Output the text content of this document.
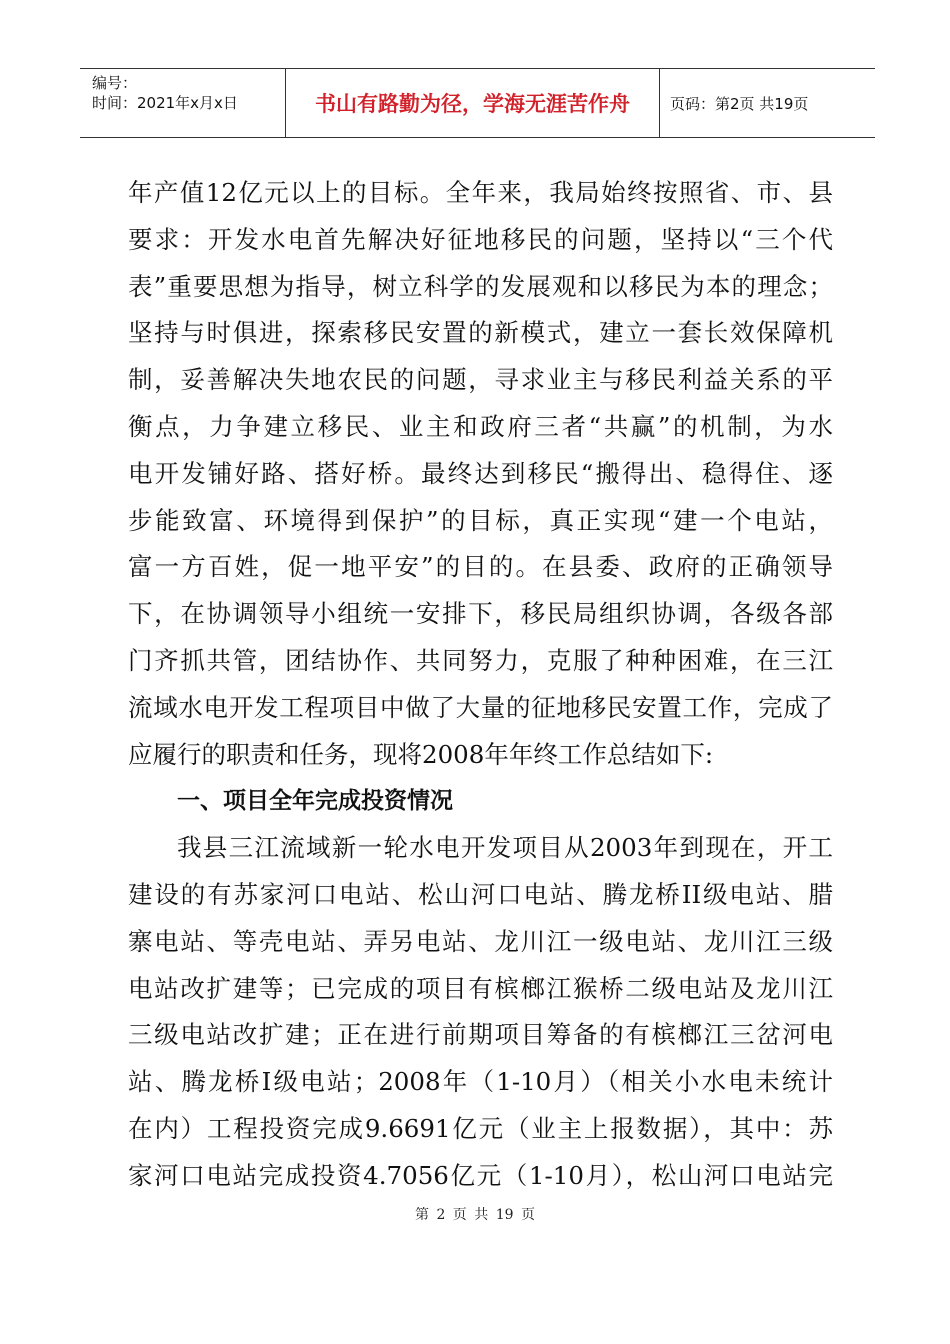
编号：
时间：2021年x月x日	书山有路勤为径，学海无涯苦作舟	页码：第2页 共19页
年产值12亿元以上的目标。全年来，我局始终按照省、市、县
要求：开发水电首先解决好征地移民的问题，坚持以“三个代
表”重要思想为指导，树立科学的发展观和以移民为本的理念；
坚持与时俱进，探索移民安置的新模式，建立一套长效保障机
制，妥善解决失地农民的问题，寻求业主与移民利益关系的平
衡点，力争建立移民、业主和政府三者“共赢”的机制，为水
电开发铺好路、搭好桥。最终达到移民“搬得出、稳得住、逐
步能致富、环境得到保护”的目标，真正实现“建一个电站，
富一方百姓，促一地平安”的目的。在县委、政府的正确领导
下，在协调领导小组统一安排下，移民局组织协调，各级各部
门齐抓共管，团结协作、共同努力，克服了种种困难，在三江
流域水电开发工程项目中做了大量的征地移民安置工作，完成了
应履行的职责和任务，现将2008年年终工作总结如下:
一、项目全年完成投资情况
我县三江流域新一轮水电开发项目从2003年到现在，开工
建设的有苏家河口电站、松山河口电站、腾龙桥II级电站、腊
寨电站、等壳电站、弄另电站、龙川江一级电站、龙川江三级
电站改扩建等；已完成的项目有槟榔江猴桥二级电站及龙川江
三级电站改扩建；正在进行前期项目筹备的有槟榔江三岔河电
站、腾龙桥Ⅰ级电站；2008年（1-10月）（相关小水电未统计
在内）工程投资完成9.6691亿元（业主上报数据），其中：苏
家河口电站完成投资4.7056亿元（1-10月），松山河口电站完
第 2 页 共 19 页
